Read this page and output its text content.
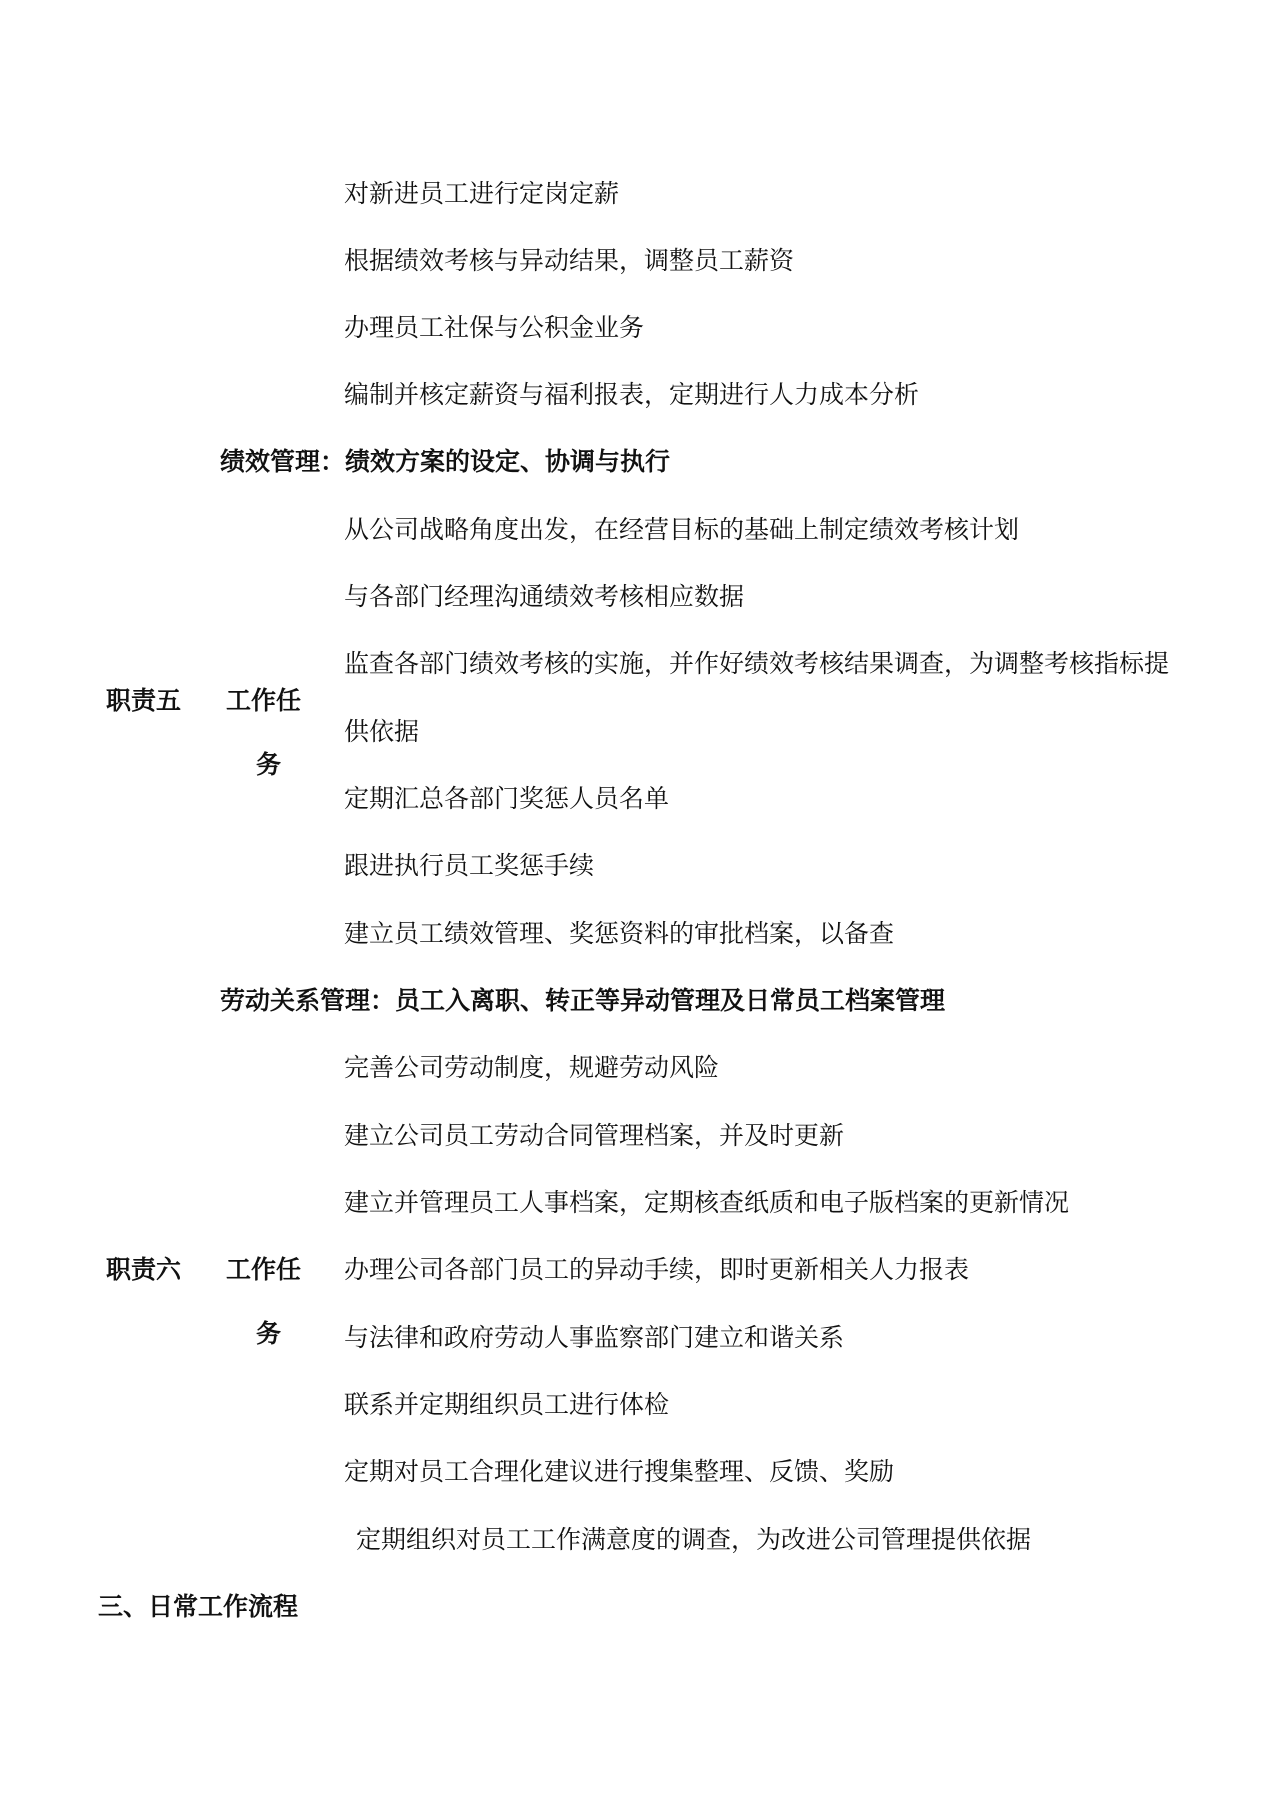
对新进员工进行定岗定薪
根据绩效考核与异动结果，调整员工薪资
办理员工社保与公积金业务
编制并核定薪资与福利报表，定期进行人力成本分析
绩效管理：绩效方案的设定、协调与执行
从公司战略角度出发，在经营目标的基础上制定绩效考核计划
与各部门经理沟通绩效考核相应数据
监查各部门绩效考核的实施，并作好绩效考核结果调查，为调整考核指标提
供依据
定期汇总各部门奖惩人员名单
跟进执行员工奖惩手续
建立员工绩效管理、奖惩资料的审批档案，以备查
职责五 工作任
务
劳动关系管理：员工入离职、转正等异动管理及日常员工档案管理
完善公司劳动制度，规避劳动风险
建立公司员工劳动合同管理档案，并及时更新
建立并管理员工人事档案，定期核查纸质和电子版档案的更新情况
办理公司各部门员工的异动手续，即时更新相关人力报表
与法律和政府劳动人事监察部门建立和谐关系
联系并定期组织员工进行体检
定期对员工合理化建议进行搜集整理、反馈、奖励
定期组织对员工工作满意度的调查，为改进公司管理提供依据
职责六 工作任
务
三、日常工作流程
